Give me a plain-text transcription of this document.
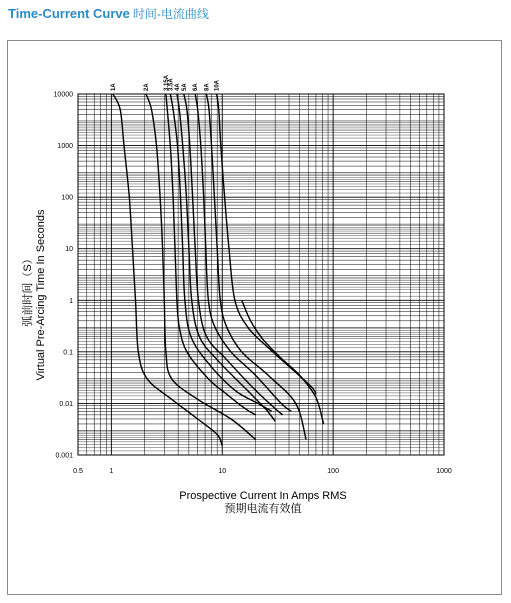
Time-Current Curve 时间-电流曲线
10000
1000
100
10
1
0.1
0.01
0.001
0.5	1	10	100	1000
1A	2A 3.15A
3.5A 4A 5A 6A 8A 10A
Prospective Current In Amps RMS
预期电流有效值
Virtual Pre-Arcing Time In Seconds
弧前时间（S）
